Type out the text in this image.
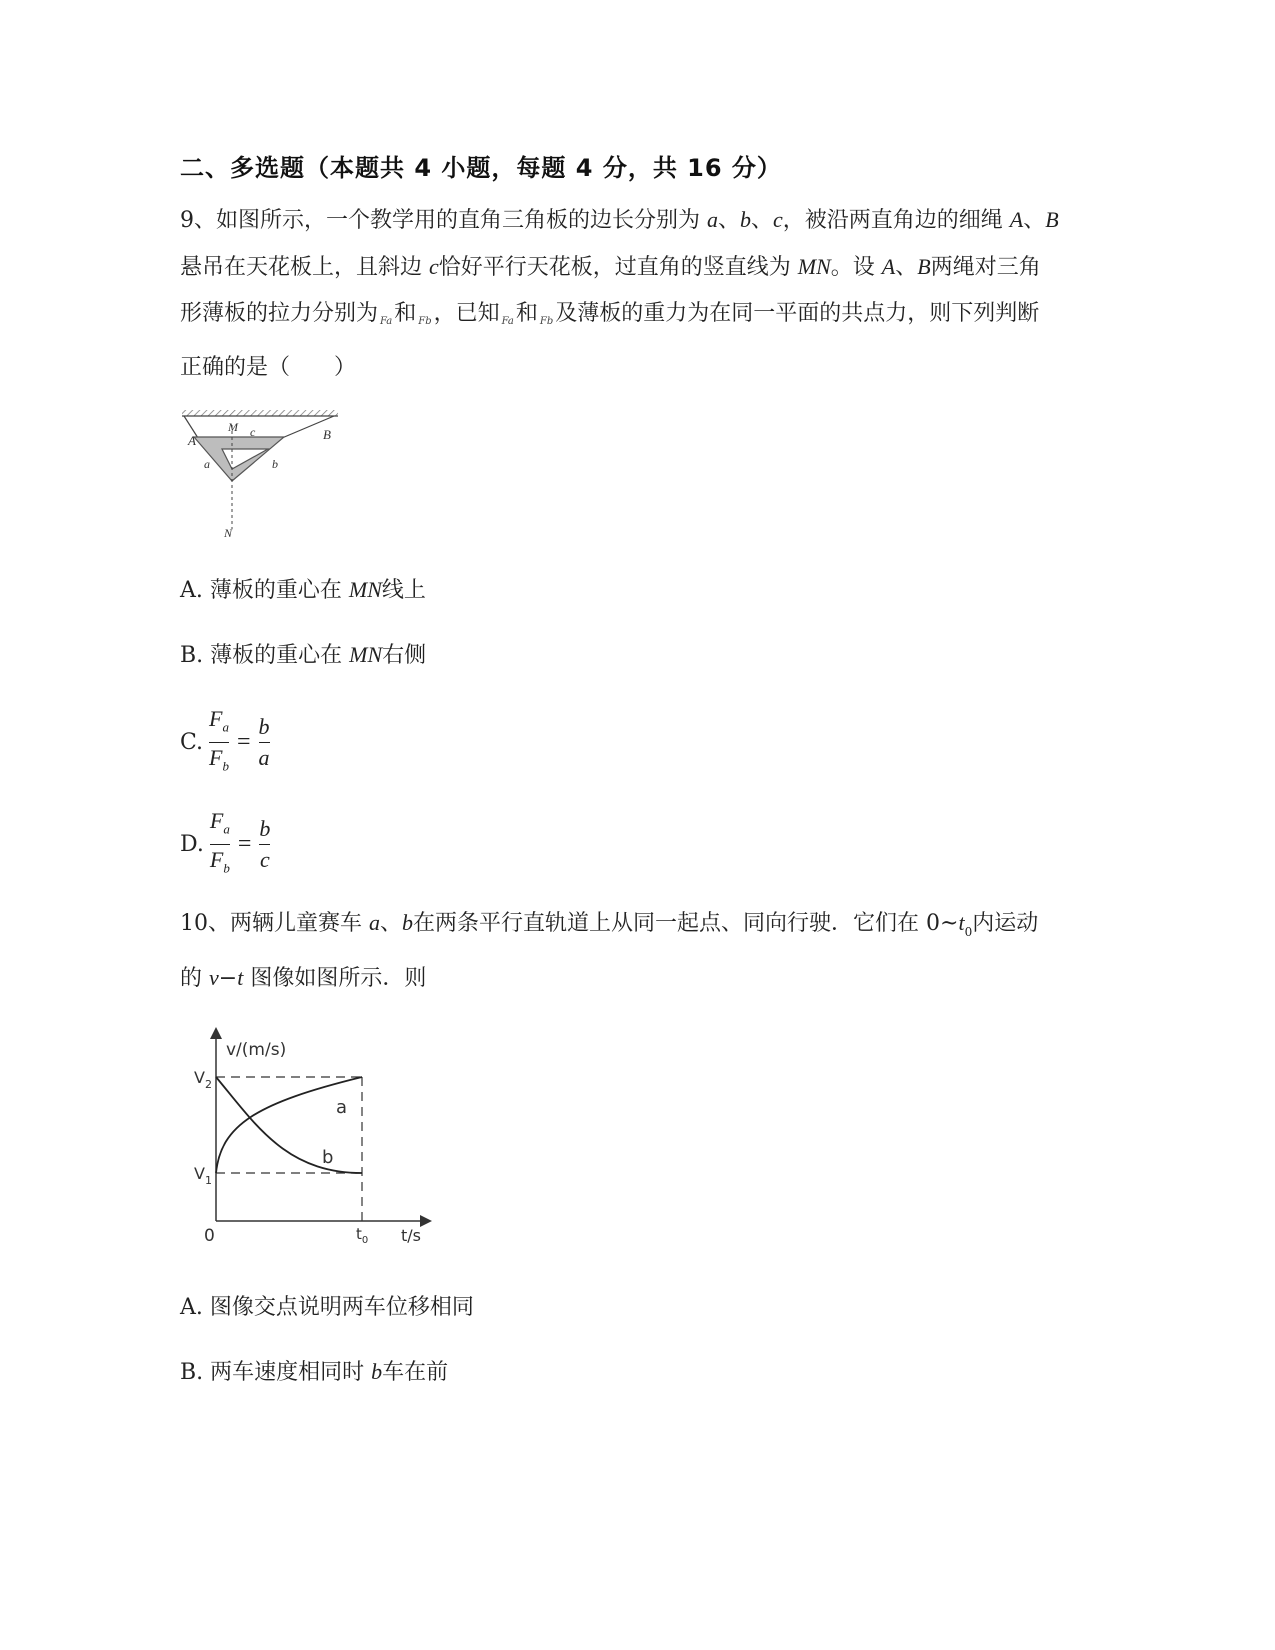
二、多选题（本题共 4 小题，每题 4 分，共 16 分）
9、如图所示，一个教学用的直角三角板的边长分别为 a、b、c，被沿两直角边的细绳 A、B悬吊在天花板上，且斜边 c恰好平行天花板，过直角的竖直线为 MN。设 A、B两绳对三角形薄板的拉力分别为 Fa和 Fb，已知 Fa和 Fb及薄板的重力为在同一平面的共点力，则下列判断正确的是（　　）
M c	B
A
a	b
N
A. 薄板的重心在 MN线上
B. 薄板的重心在 MN右侧
C. $\frac{F_a}{F_b} = \frac{b}{a}$
D. $\frac{F_a}{F_b} = \frac{b}{c}$
10、两辆儿童赛车 a、b在两条平行直轨道上从同一起点、同向行驶．它们在 $0\sim t_0$内运动的 v−t 图像如图所示．则
v/(m/s)
t/s
0
$V_2$
$V_1$
$t_0$
a
b
A. 图像交点说明两车位移相同
B. 两车速度相同时 b车在前
